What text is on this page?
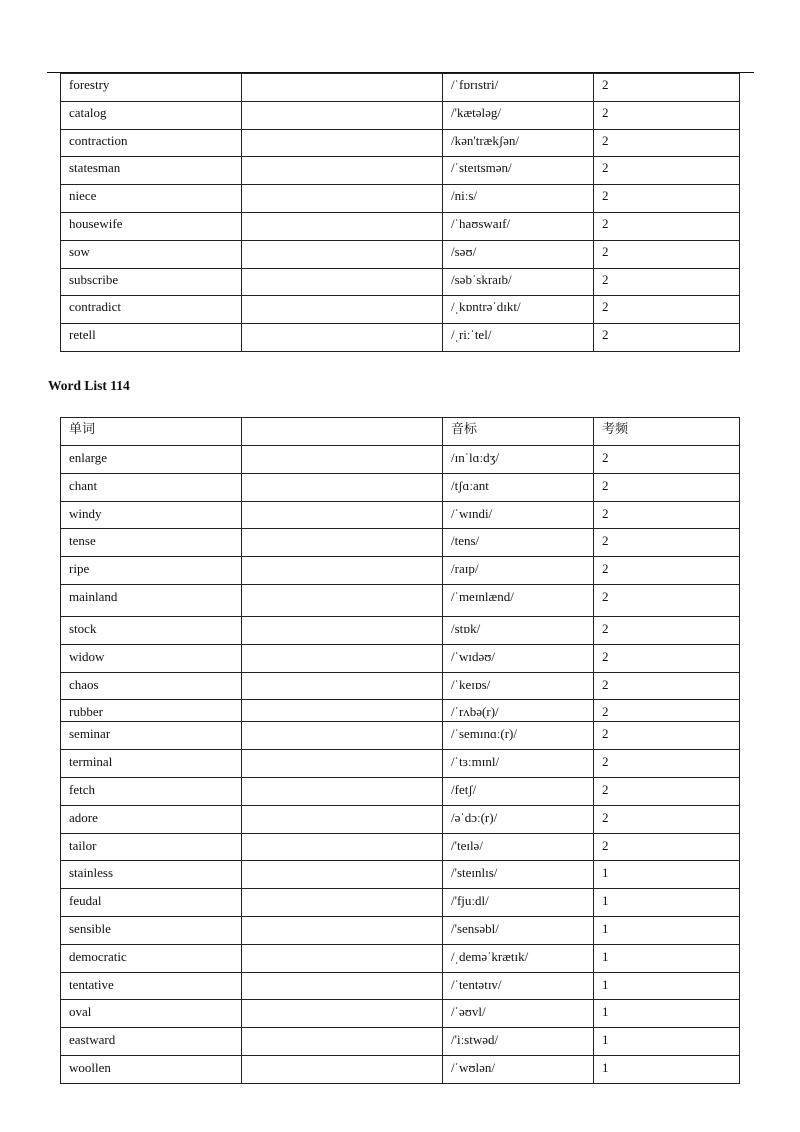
forestry		/ˈfɒrɪstri/	2
catalog		/'kætələg/	2
contraction		/kən'trækʃən/	2
statesman		/ˈsteɪtsmən/	2
niece		/niːs/	2
housewife		/ˈhaʊswaɪf/	2
sow		/səʊ/	2
subscribe		/səbˈskraɪb/	2
contradict		/ˌkɒntrəˈdɪkt/	2
retell		/ˌriːˈtel/	2
Word List 114
单词		音标	考频
enlarge		/ɪnˈlɑːdʒ/	2
chant		/tʃɑːant	2
windy		/ˈwɪndi/	2
tense		/tens/	2
ripe		/raɪp/	2
mainland		/ˈmeɪnlænd/	2
stock		/stɒk/	2
widow		/ˈwɪdəʊ/	2
chaos		/ˈkeɪɒs/	2
rubber		/ˈrʌbə(r)/	2
seminar		/ˈsemɪnɑː(r)/	2
terminal		/ˈtɜːmɪnl/	2
fetch		/fetʃ/	2
adore		/əˈdɔː(r)/	2
tailor		/'teɪlə/	2
stainless		/'steɪnlɪs/	1
feudal		/'fjuːdl/	1
sensible		/'sensəbl/	1
democratic		/ˌdeməˈkrætɪk/	1
tentative		/ˈtentətɪv/	1
oval		/ˈəʊvl/	1
eastward		/'iːstwəd/	1
woollen		/ˈwʊlən/	1
